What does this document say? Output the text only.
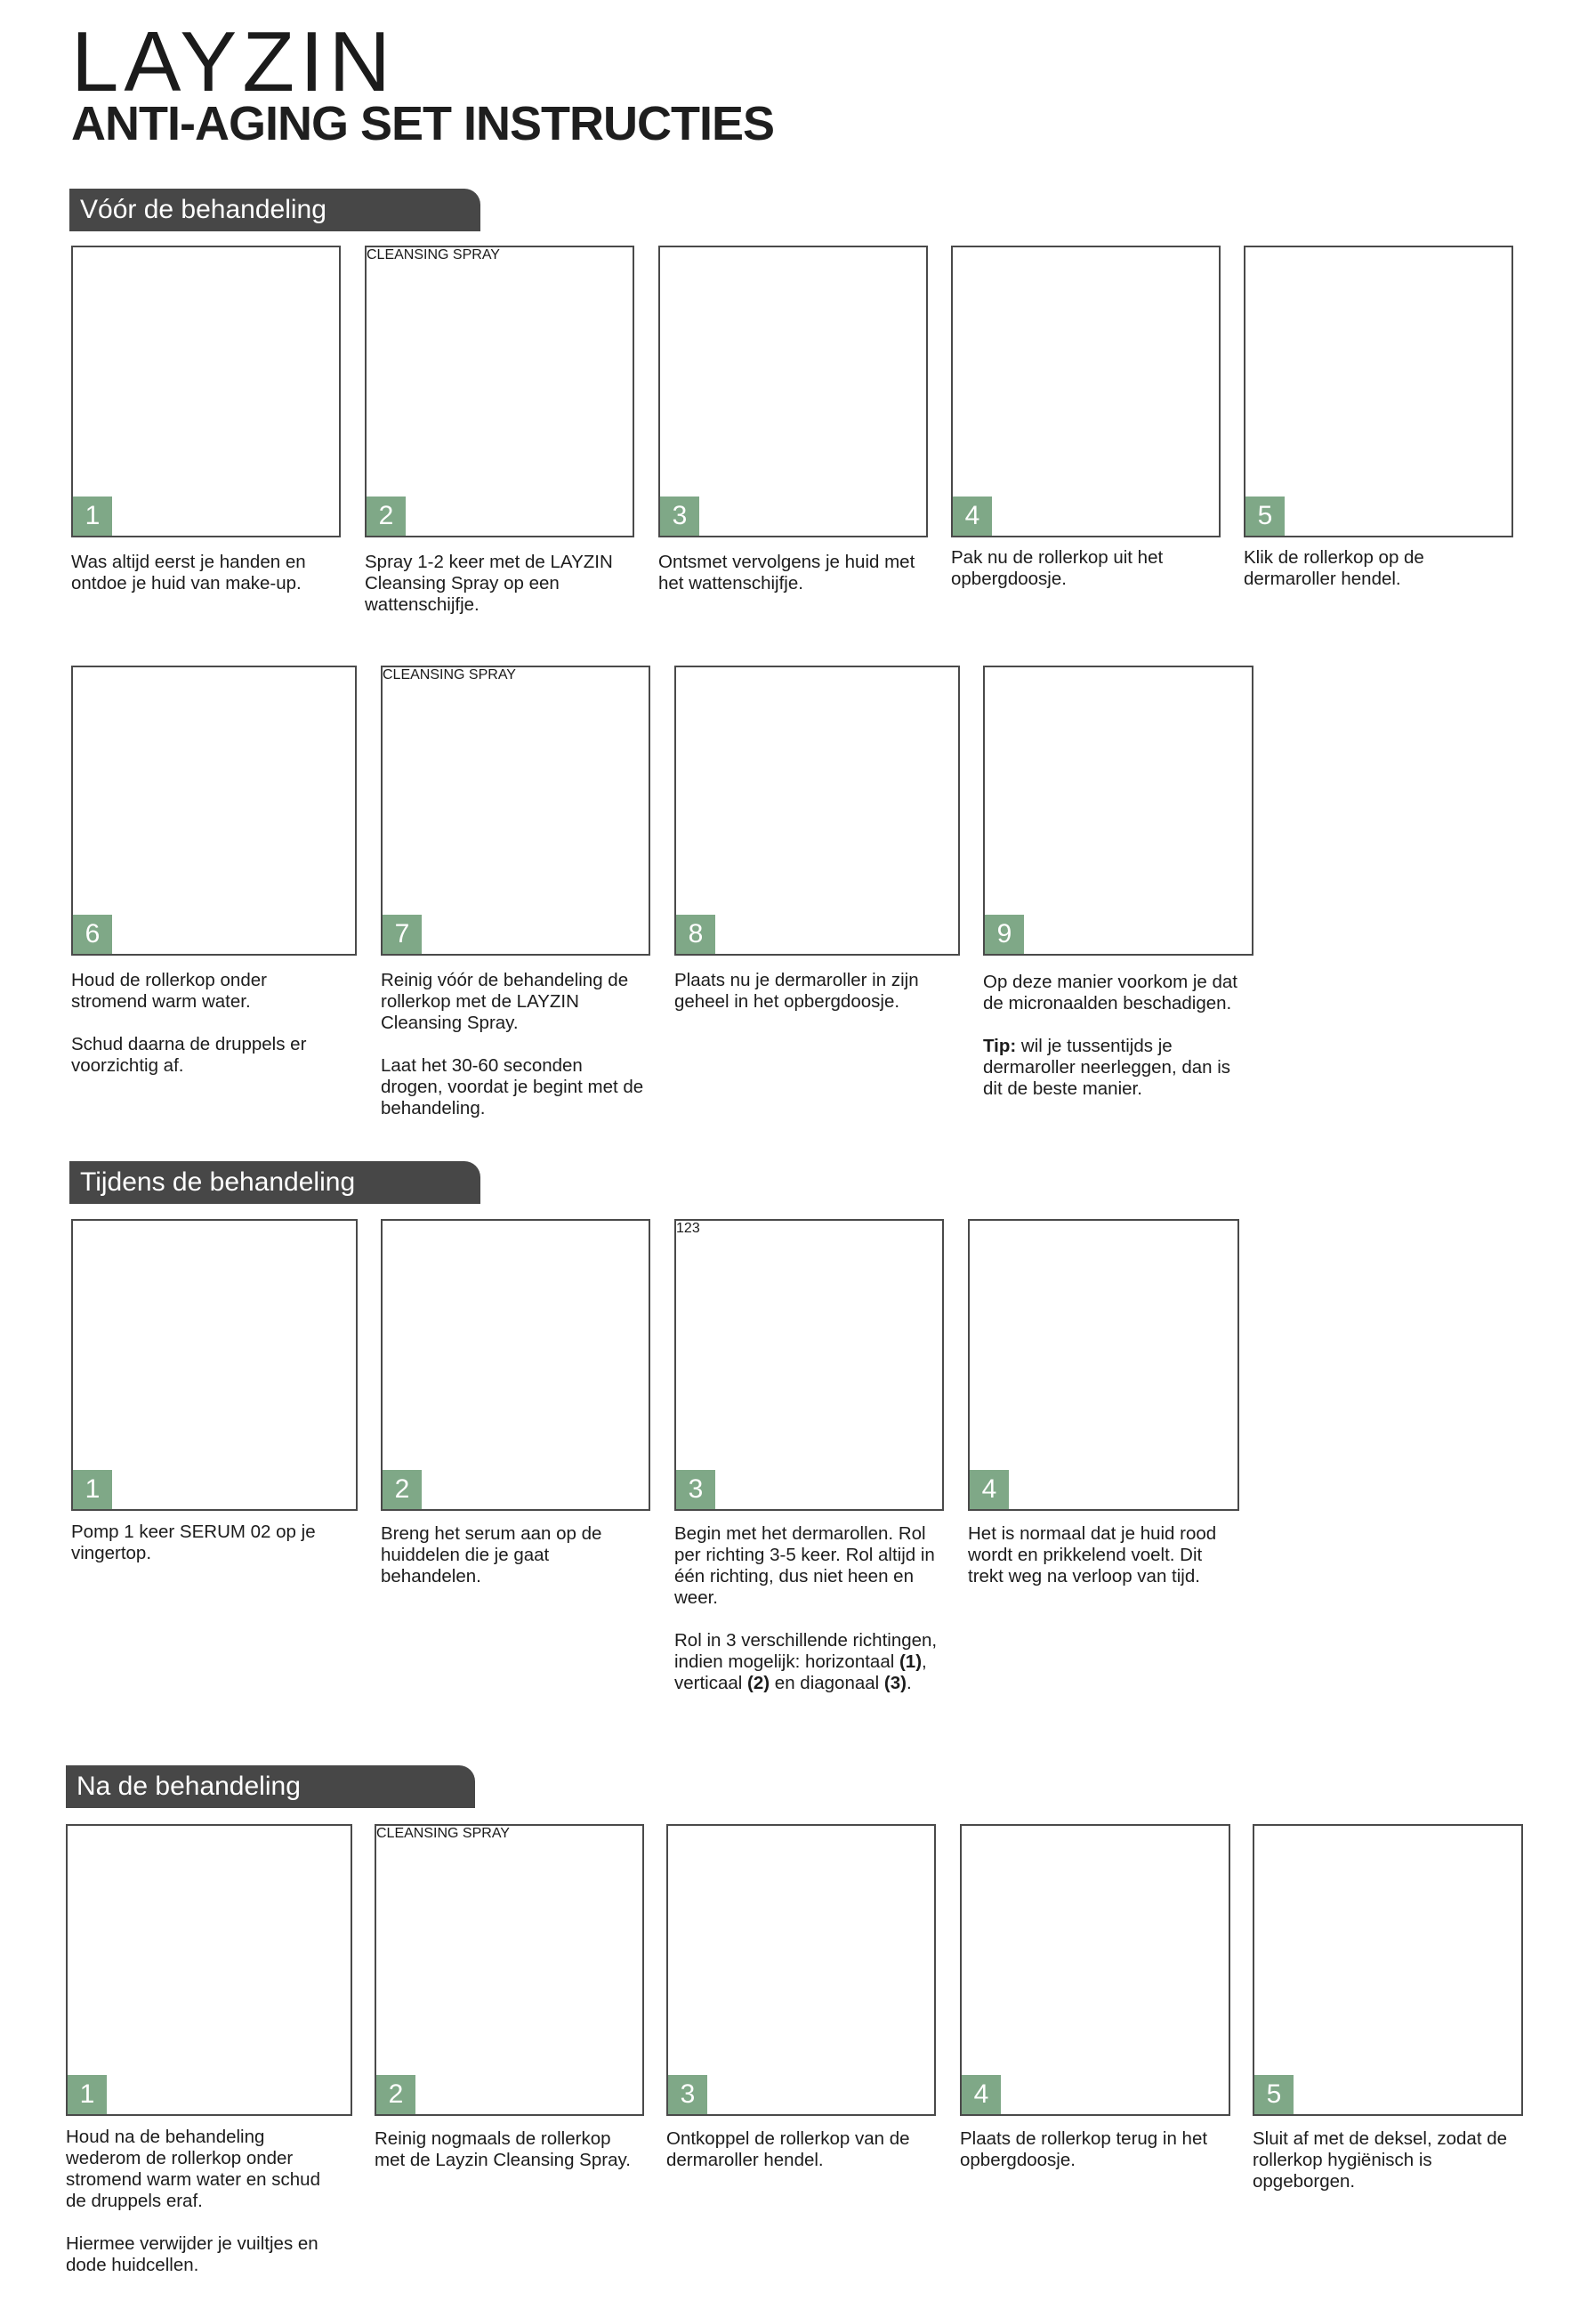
LAYZIN
ANTI-AGING SET INSTRUCTIES
Vóór de behandeling
Tijdens de behandeling
Na de behandeling
1

Was altijd eerst je handen en ontdoe je huid van make-up.

CLEANSING SPRAY
2

Spray 1-2 keer met de LAYZIN Cleansing Spray op een wattenschijfje.

3

Ontsmet vervolgens je huid met het wattenschijfje.

4

Pak nu de rollerkop uit het opbergdoosje.

5

Klik de rollerkop op de dermaroller hendel.

6

Houd de rollerkop onder stromend warm water.

Schud daarna de druppels er voorzichtig af.

CLEANSING SPRAY
7

Reinig vóór de behandeling de rollerkop met de LAYZIN Cleansing Spray.

Laat het 30-60 seconden drogen, voordat je begint met de behandeling.

8

Plaats nu je dermaroller in zijn geheel in het opbergdoosje.

9

Op deze manier voorkom je dat de micronaalden beschadigen.

Tip: wil je tussentijds je dermaroller neerleggen, dan is dit de beste manier.

1

Pomp 1 keer SERUM 02 op je vingertop.

2

Breng het serum aan op de huiddelen die je gaat behandelen.

123
3

Begin met het dermarollen. Rol per richting 3-5 keer. Rol altijd in één richting, dus niet heen en weer.

Rol in 3 verschillende richtingen, indien mogelijk: horizontaal (1), verticaal (2) en diagonaal (3).

4

Het is normaal dat je huid rood wordt en prikkelend voelt. Dit trekt weg na verloop van tijd.

1

Houd na de behandeling wederom de rollerkop onder stromend warm water en schud de druppels eraf.

Hiermee verwijder je vuiltjes en dode huidcellen.

CLEANSING SPRAY
2

Reinig nogmaals de rollerkop met de Layzin Cleansing Spray.

3

Ontkoppel de rollerkop van de dermaroller hendel.

4

Plaats de rollerkop terug in het opbergdoosje.

5

Sluit af met de deksel, zodat de rollerkop hygiënisch is opgeborgen.
